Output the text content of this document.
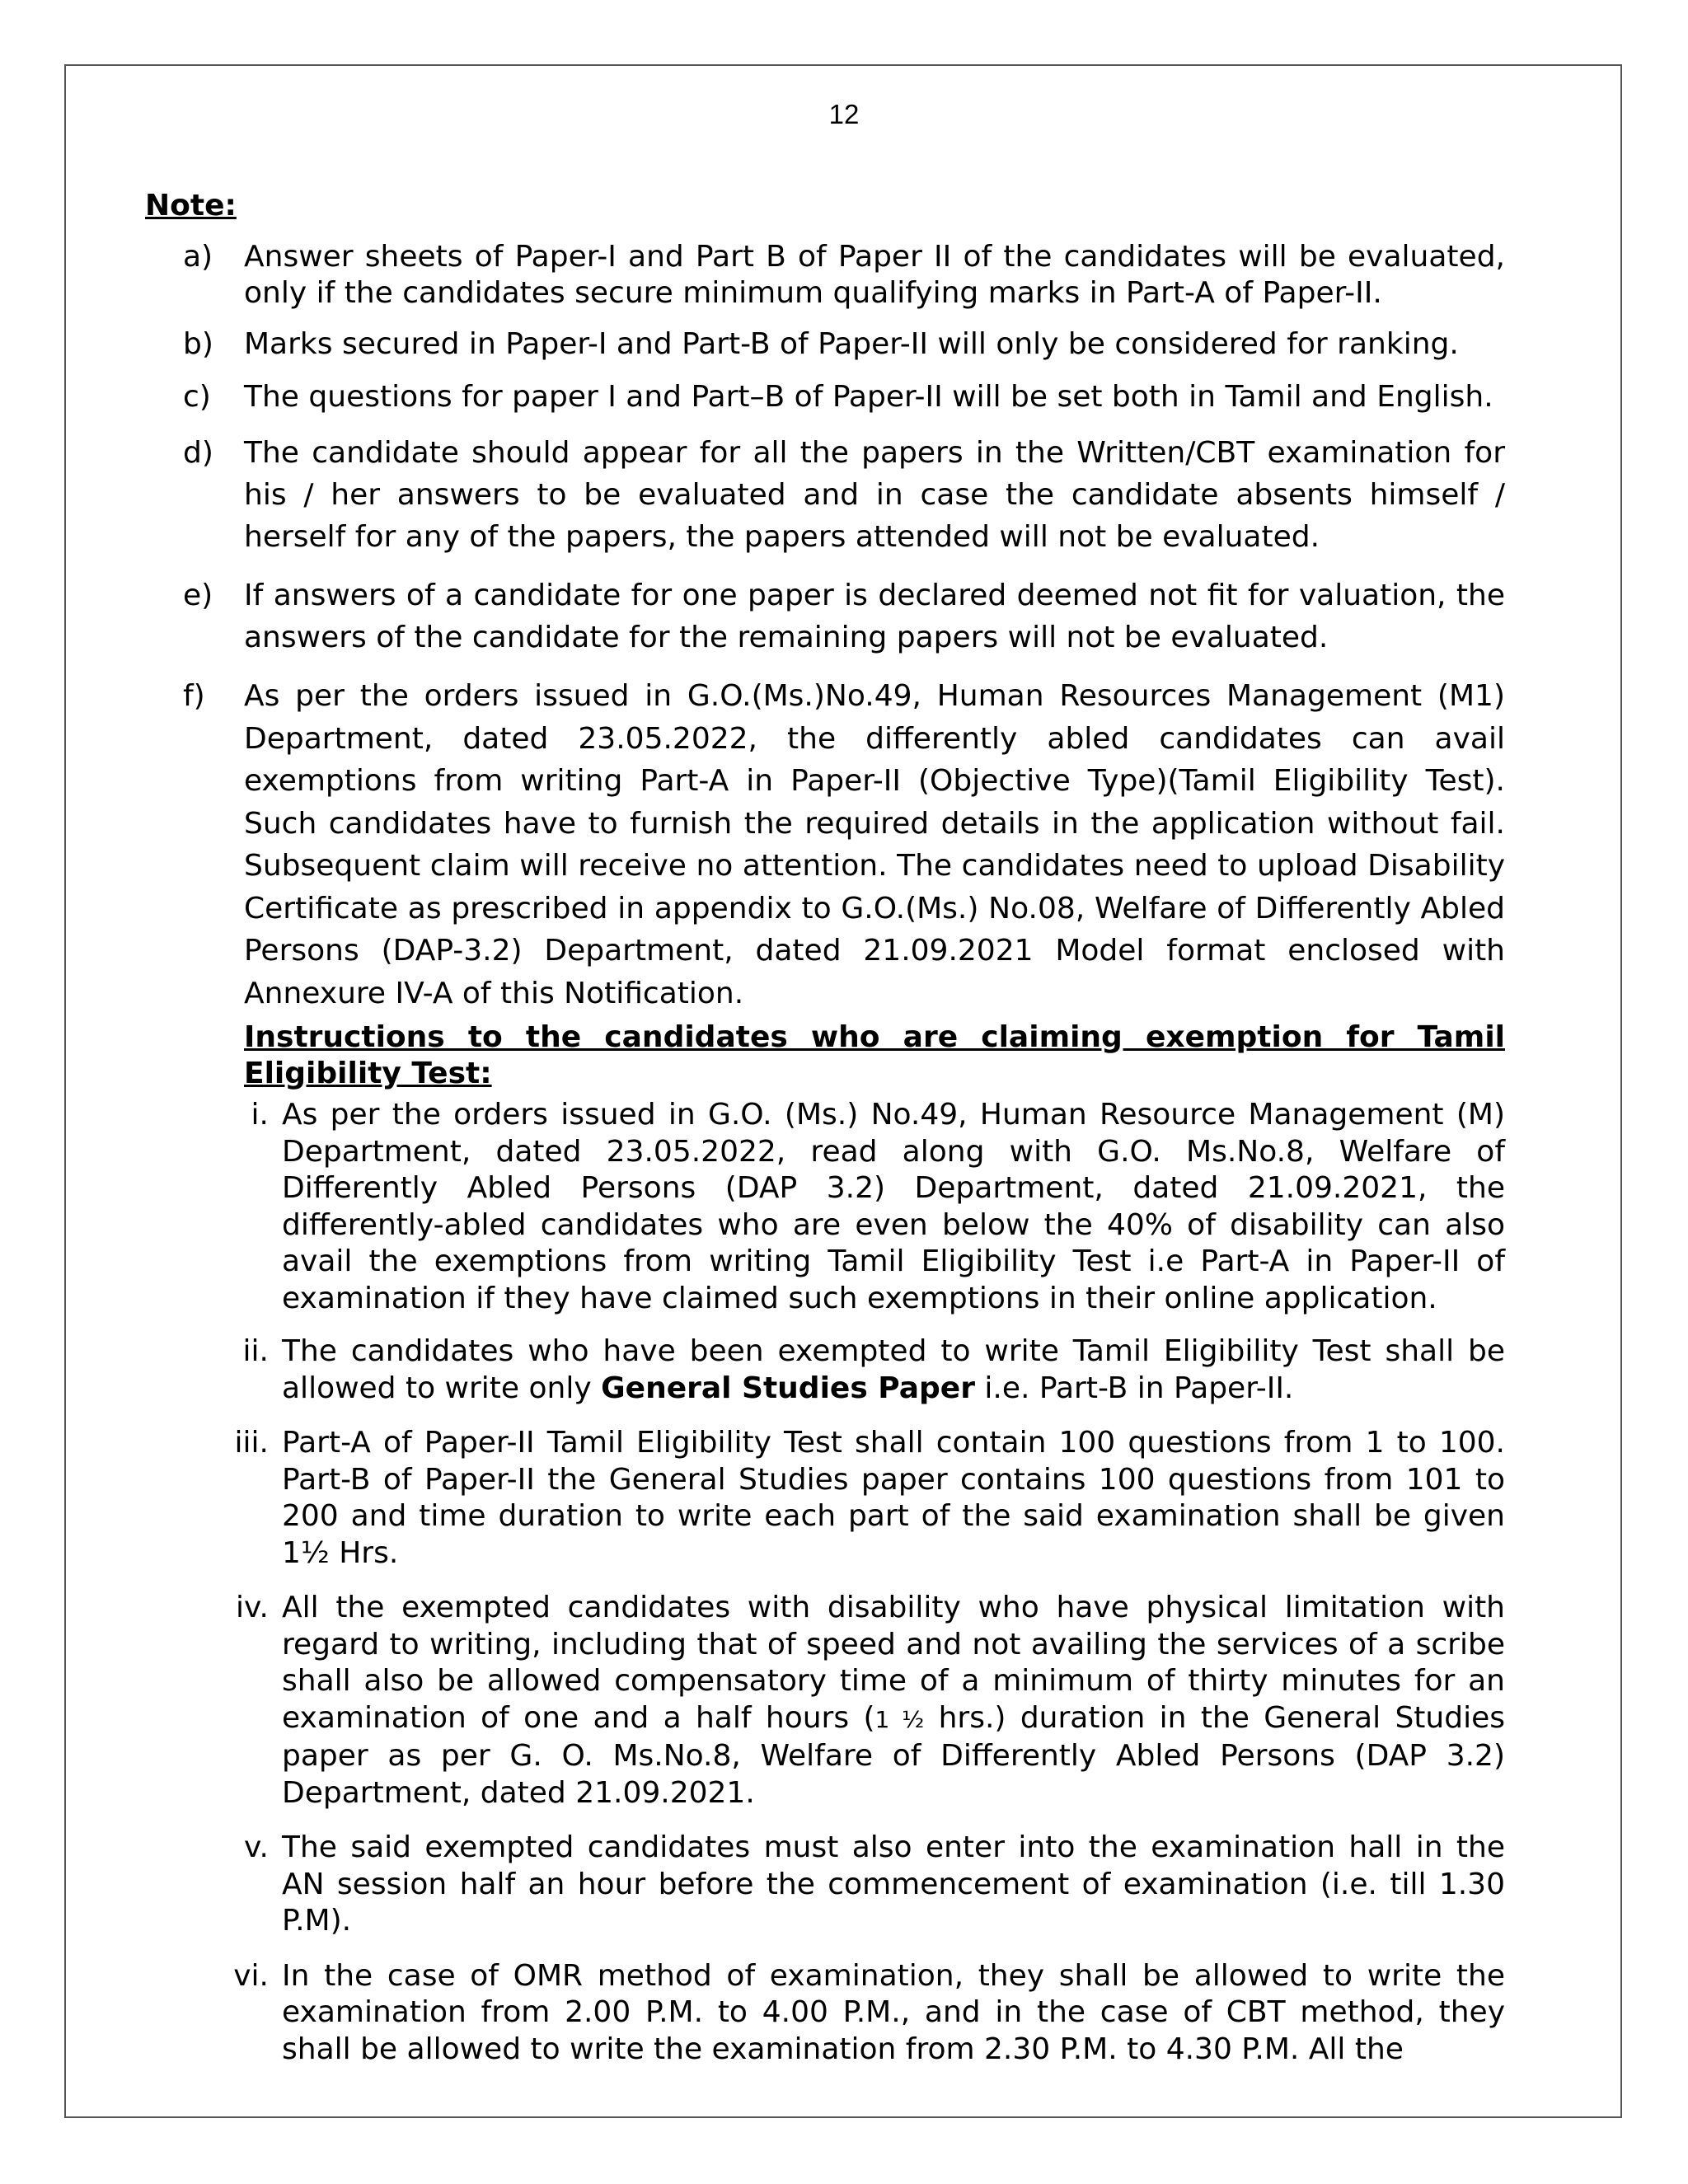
12
Note:
a) Answer sheets of Paper-I and Part B of Paper II of the candidates will be evaluated, only if the candidates secure minimum qualifying marks in Part-A of Paper-II.
b) Marks secured in Paper-I and Part-B of Paper-II will only be considered for ranking.
c) The questions for paper I and Part–B of Paper-II will be set both in Tamil and English.
d) The candidate should appear for all the papers in the Written/CBT examination for his / her answers to be evaluated and in case the candidate absents himself / herself for any of the papers, the papers attended will not be evaluated.
e) If answers of a candidate for one paper is declared deemed not fit for valuation, the answers of the candidate for the remaining papers will not be evaluated.
f) As per the orders issued in G.O.(Ms.)No.49, Human Resources Management (M1) Department, dated 23.05.2022, the differently abled candidates can avail exemptions from writing Part-A in Paper-II (Objective Type)(Tamil Eligibility Test). Such candidates have to furnish the required details in the application without fail. Subsequent claim will receive no attention. The candidates need to upload Disability Certificate as prescribed in appendix to G.O.(Ms.) No.08, Welfare of Differently Abled Persons (DAP-3.2) Department, dated 21.09.2021 Model format enclosed with Annexure IV-A of this Notification.
Instructions to the candidates who are claiming exemption for Tamil Eligibility Test:
i. As per the orders issued in G.O. (Ms.) No.49, Human Resource Management (M) Department, dated 23.05.2022, read along with G.O. Ms.No.8, Welfare of Differently Abled Persons (DAP 3.2) Department, dated 21.09.2021, the differently-abled candidates who are even below the 40% of disability can also avail the exemptions from writing Tamil Eligibility Test i.e Part-A in Paper-II of examination if they have claimed such exemptions in their online application.
ii. The candidates who have been exempted to write Tamil Eligibility Test shall be allowed to write only General Studies Paper i.e. Part-B in Paper-II.
iii. Part-A of Paper-II Tamil Eligibility Test shall contain 100 questions from 1 to 100. Part-B of Paper-II the General Studies paper contains 100 questions from 101 to 200 and time duration to write each part of the said examination shall be given 1½ Hrs.
iv. All the exempted candidates with disability who have physical limitation with regard to writing, including that of speed and not availing the services of a scribe shall also be allowed compensatory time of a minimum of thirty minutes for an examination of one and a half hours (1 ½ hrs.) duration in the General Studies paper as per G. O. Ms.No.8, Welfare of Differently Abled Persons (DAP 3.2) Department, dated 21.09.2021.
v. The said exempted candidates must also enter into the examination hall in the AN session half an hour before the commencement of examination (i.e. till 1.30 P.M).
vi. In the case of OMR method of examination, they shall be allowed to write the examination from 2.00 P.M. to 4.00 P.M., and in the case of CBT method, they shall be allowed to write the examination from 2.30 P.M. to 4.30 P.M. All the
